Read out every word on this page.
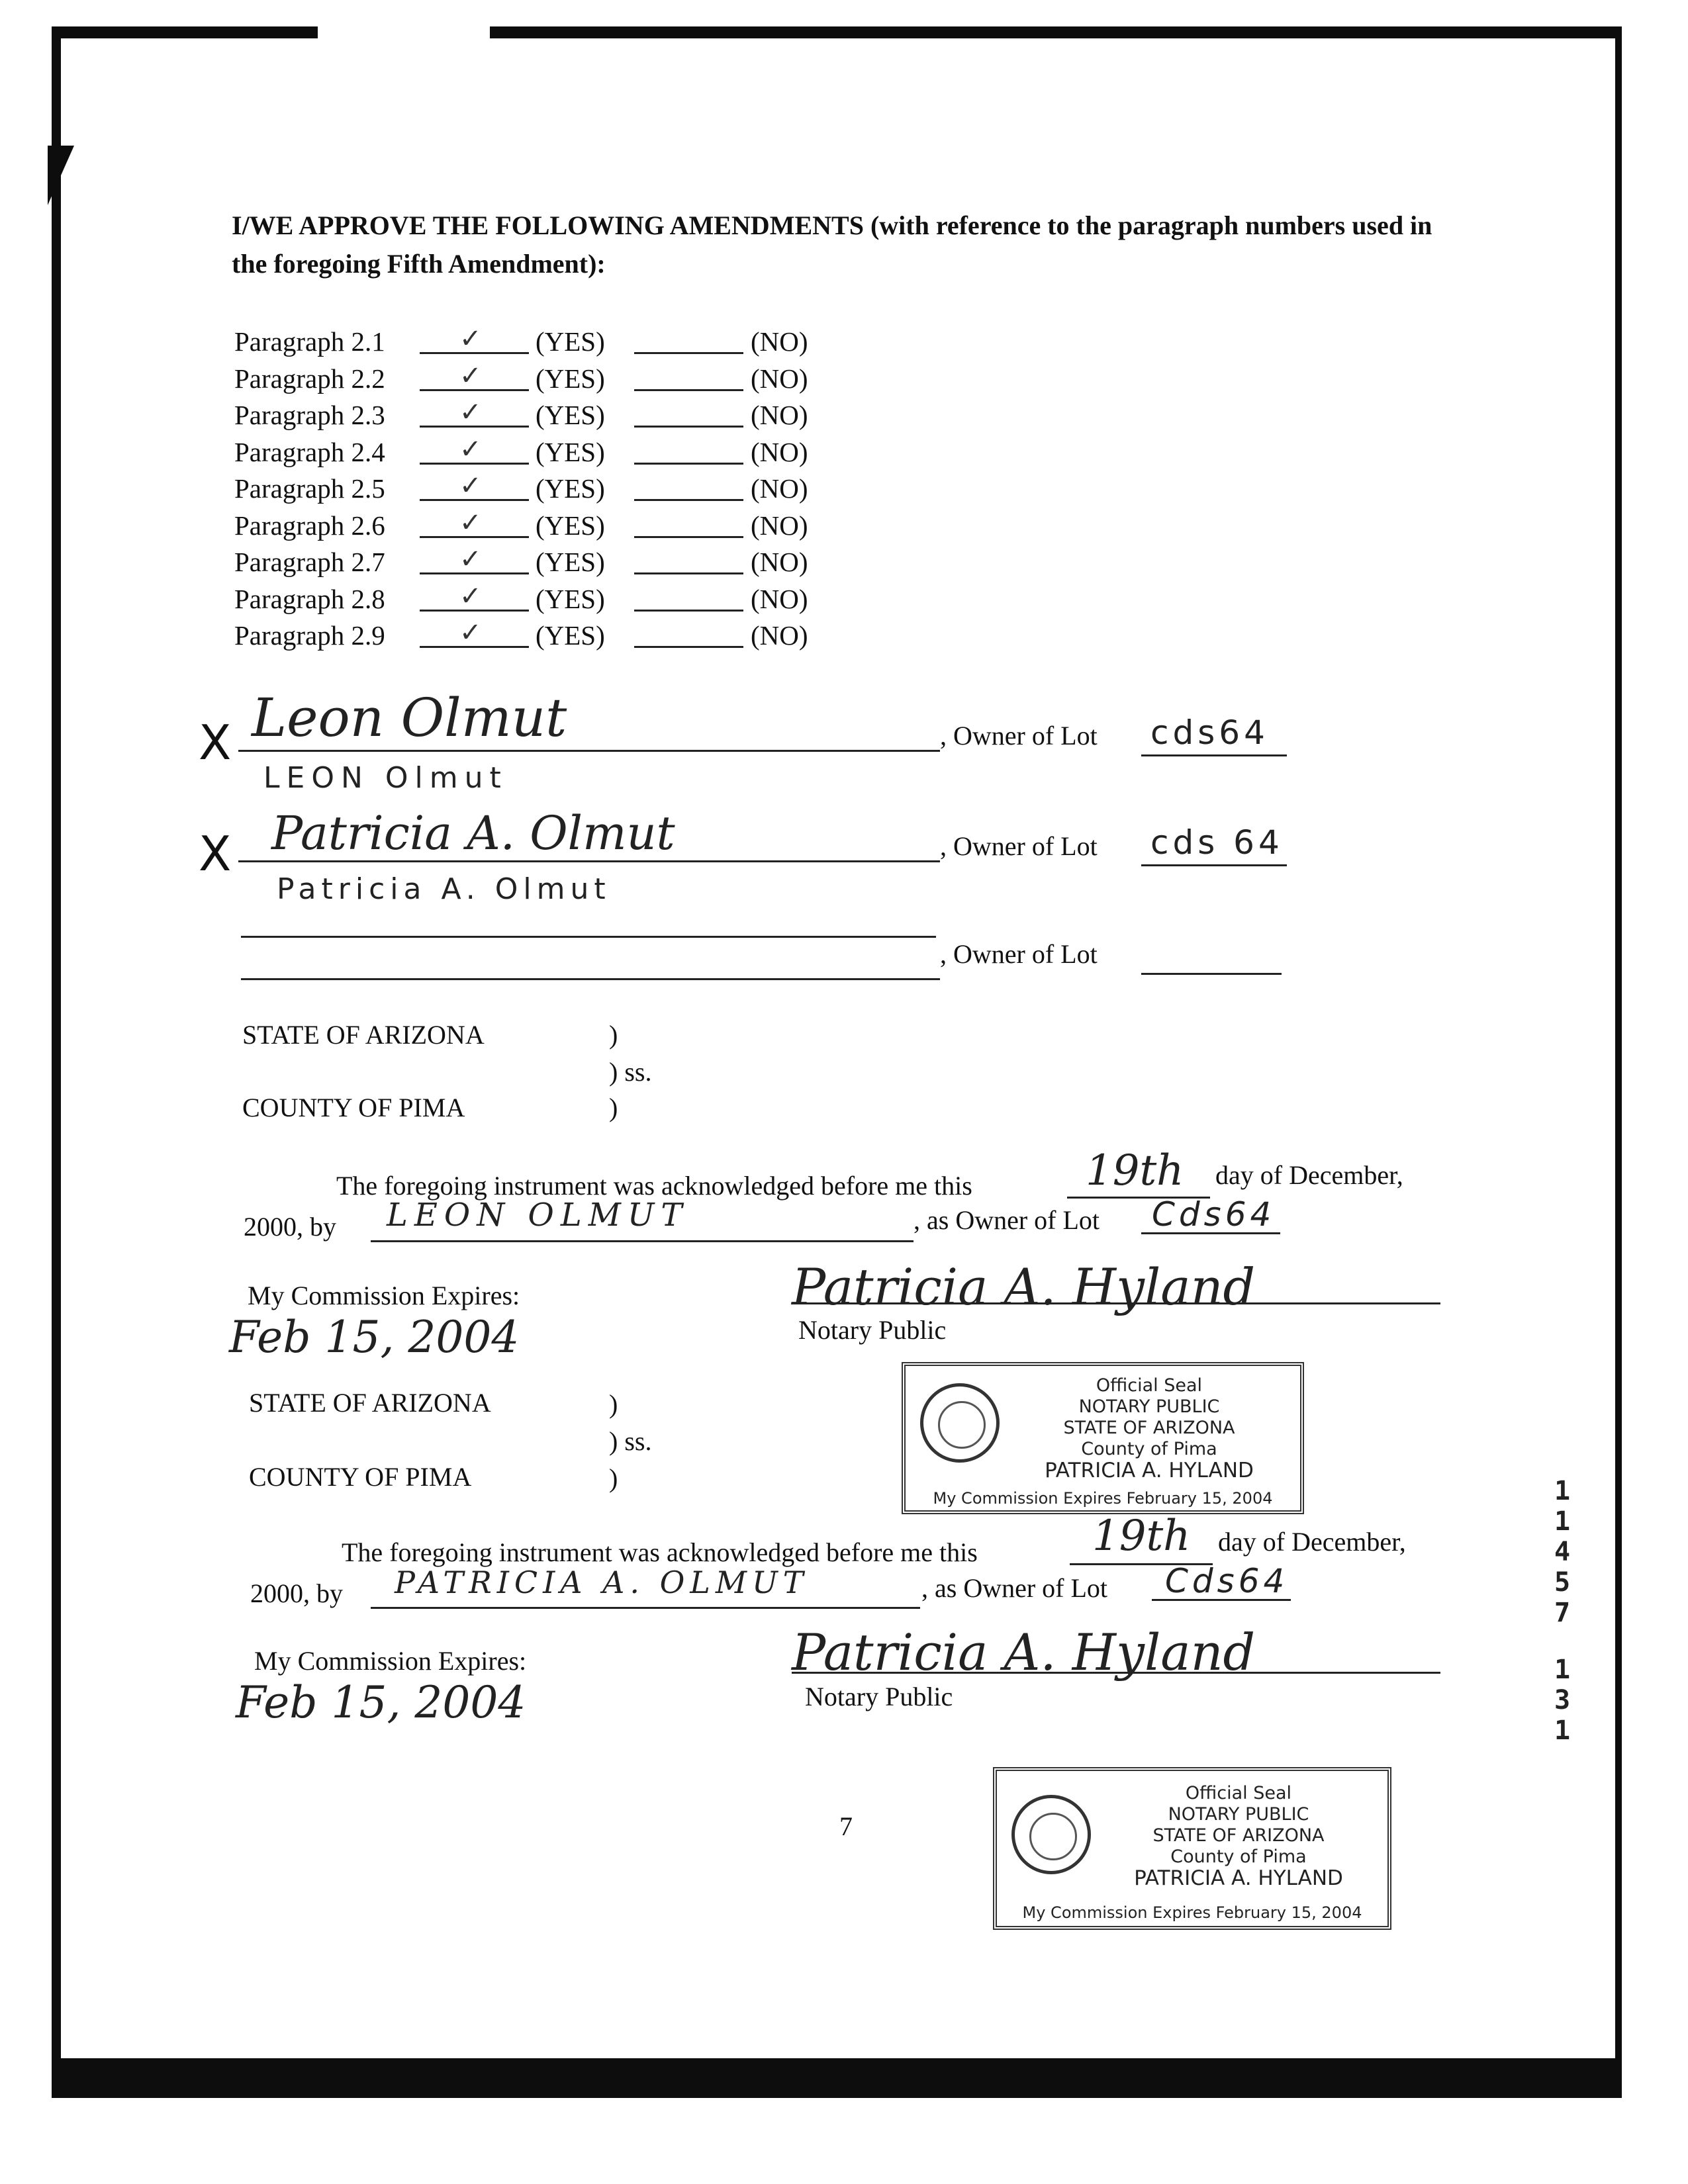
I/WE APPROVE THE FOLLOWING AMENDMENTS (with reference to the paragraph numbers used in the foregoing Fifth Amendment):
Paragraph 2.1	✓ (YES)	(NO)
Paragraph 2.2	✓ (YES)	(NO)
Paragraph 2.3	✓ (YES)	(NO)
Paragraph 2.4	✓ (YES)	(NO)
Paragraph 2.5	✓ (YES)	(NO)
Paragraph 2.6	✓ (YES)	(NO)
Paragraph 2.7	✓ (YES)	(NO)
Paragraph 2.8	✓ (YES)	(NO)
Paragraph 2.9	✓ (YES)	(NO)
X Leon Olmut	, Owner of Lot cds64
LEON Olmut
X Patricia A. Olmut	, Owner of Lot cds 64
Patricia A. Olmut
, Owner of Lot
STATE OF ARIZONA	)
) ss.
COUNTY OF PIMA	)
The foregoing instrument was acknowledged before me this	19th day of December,
2000, by LEON OLMUT	, as Owner of Lot Cds64
My Commission Expires:
Feb 15, 2004
Patricia A. Hyland
Notary Public
Official Seal
NOTARY PUBLIC
STATE OF ARIZONA
County of Pima
PATRICIA A. HYLAND
My Commission Expires February 15, 2004
STATE OF ARIZONA	)
) ss.
COUNTY OF PIMA	)
The foregoing instrument was acknowledged before me this	19th day of December,
2000, by PATRICIA A. OLMUT	, as Owner of Lot Cds64
My Commission Expires:
Feb 15, 2004
Patricia A. Hyland
Notary Public
Official Seal
NOTARY PUBLIC
STATE OF ARIZONA
County of Pima
PATRICIA A. HYLAND
My Commission Expires February 15, 2004
7
1
1
4
5
7
1
3
1
